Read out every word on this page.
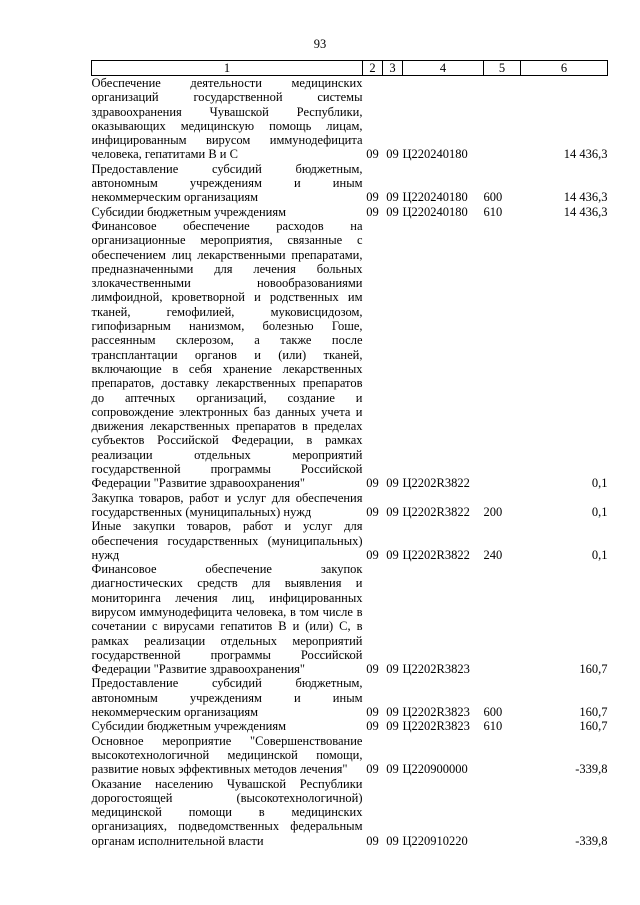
93
1	2	3	4	5	6
Обеспечение деятельности медицинских организаций государственной системы здравоохранения Чувашской Республики, оказывающих медицинскую помощь лицам, инфицированным вирусом иммунодефицита человека, гепатитами B и C	09	09	Ц220240180		14 436,3
Предоставление субсидий бюджетным, автономным учреждениям и иным некоммерческим организациям	09	09	Ц220240180	600	14 436,3
Субсидии бюджетным учреждениям	09	09	Ц220240180	610	14 436,3
Финансовое обеспечение расходов на организационные мероприятия, связанные с обеспечением лиц лекарственными препаратами, предназначенными для лечения больных злокачественными новообразованиями лимфоидной, кроветворной и родственных им тканей, гемофилией, муковисцидозом, гипофизарным нанизмом, болезнью Гоше, рассеянным склерозом, а также после трансплантации органов и (или) тканей, включающие в себя хранение лекарственных препаратов, доставку лекарственных препаратов до аптечных организаций, создание и сопровождение электронных баз данных учета и движения лекарственных препаратов в пределах субъектов Российской Федерации, в рамках реализации отдельных мероприятий государственной программы Российской Федерации "Развитие здравоохранения"	09	09	Ц2202R3822		0,1
Закупка товаров, работ и услуг для обеспечения государственных (муниципальных) нужд	09	09	Ц2202R3822	200	0,1
Иные закупки товаров, работ и услуг для обеспечения государственных (муниципальных) нужд	09	09	Ц2202R3822	240	0,1
Финансовое обеспечение закупок диагностических средств для выявления и мониторинга лечения лиц, инфицированных вирусом иммунодефицита человека, в том числе в сочетании с вирусами гепатитов B и (или) C, в рамках реализации отдельных мероприятий государственной программы Российской Федерации "Развитие здравоохранения"	09	09	Ц2202R3823		160,7
Предоставление субсидий бюджетным, автономным учреждениям и иным некоммерческим организациям	09	09	Ц2202R3823	600	160,7
Субсидии бюджетным учреждениям	09	09	Ц2202R3823	610	160,7
Основное мероприятие "Совершенствование высокотехнологичной медицинской помощи, развитие новых эффективных методов лечения"	09	09	Ц220900000		-339,8
Оказание населению Чувашской Республики дорогостоящей (высокотехнологичной) медицинской помощи в медицинских организациях, подведомственных федеральным органам исполнительной власти	09	09	Ц220910220		-339,8
